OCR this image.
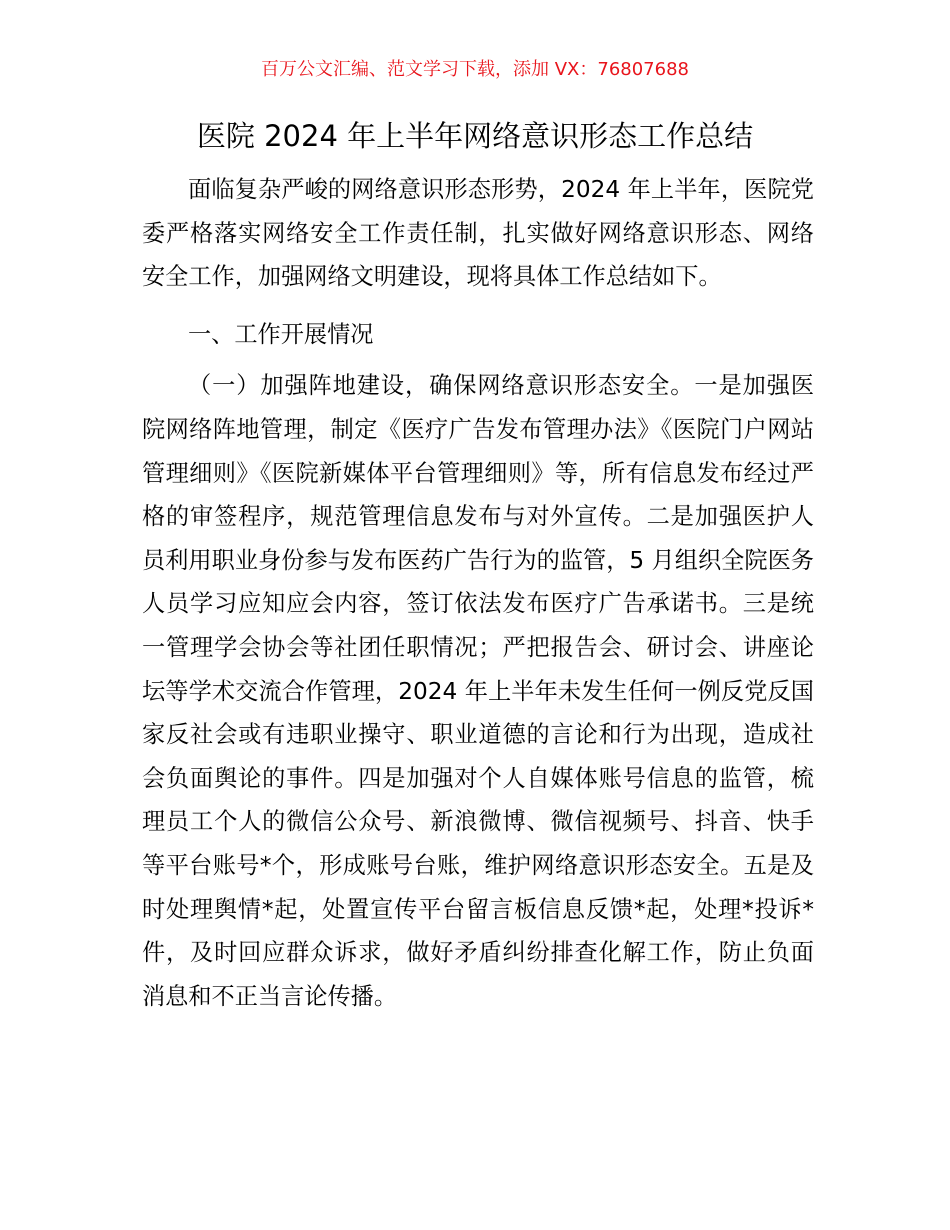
百万公文汇编、范文学习下载，添加 VX：76807688
医院 2024 年上半年网络意识形态工作总结

面临复杂严峻的网络意识形态形势，2024 年上半年，医院党委严格落实网络安全工作责任制，扎实做好网络意识形态、网络安全工作，加强网络文明建设，现将具体工作总结如下。

一、工作开展情况

（一）加强阵地建设，确保网络意识形态安全。一是加强医院网络阵地管理，制定《医疗广告发布管理办法》《医院门户网站管理细则》《医院新媒体平台管理细则》等，所有信息发布经过严格的审签程序，规范管理信息发布与对外宣传。二是加强医护人员利用职业身份参与发布医药广告行为的监管，5 月组织全院医务人员学习应知应会内容，签订依法发布医疗广告承诺书。三是统一管理学会协会等社团任职情况；严把报告会、研讨会、讲座论坛等学术交流合作管理，2024 年上半年未发生任何一例反党反国家反社会或有违职业操守、职业道德的言论和行为出现，造成社会负面舆论的事件。四是加强对个人自媒体账号信息的监管，梳理员工个人的微信公众号、新浪微博、微信视频号、抖音、快手等平台账号*个，形成账号台账，维护网络意识形态安全。五是及时处理舆情*起，处置宣传平台留言板信息反馈*起，处理*投诉*件，及时回应群众诉求，做好矛盾纠纷排查化解工作，防止负面消息和不正当言论传播。
